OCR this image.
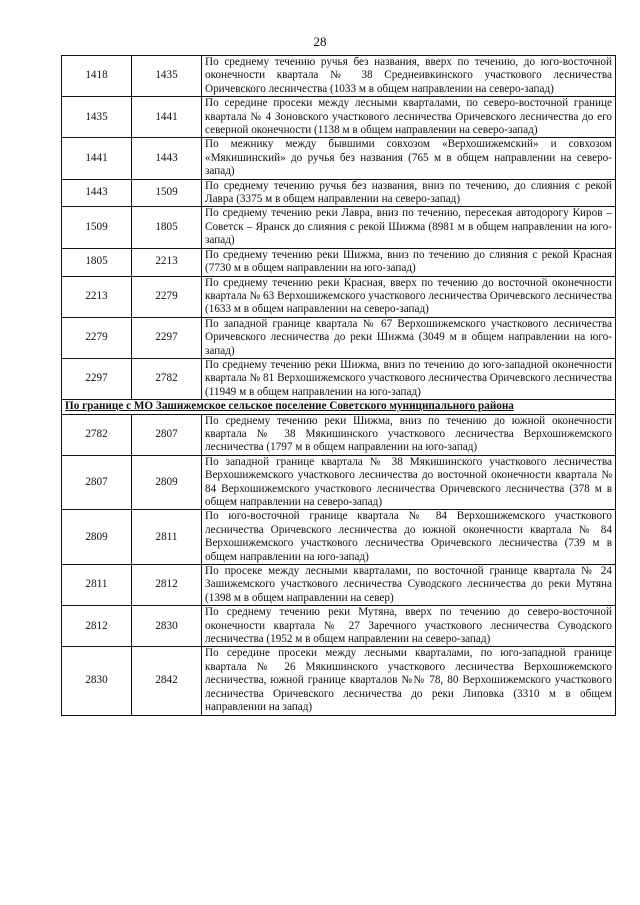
28
1418	1435	По среднему течению ручья без названия, вверх по течению, до юго-восточной оконечности квартала № 38 Среднеивкинского участкового лесничества Оричевского лесничества (1033 м в общем направлении на северо-запад)
1435	1441	По середине просеки между лесными кварталами, по северо-восточной границе квартала № 4 Зоновского участкового лесничества Оричевского лесничества до его северной оконечности (1138 м в общем направлении на северо-запад)
1441	1443	По межнику между бывшими совхозом «Верхошижемский» и совхозом «Мякишинский» до ручья без названия (765 м в общем направлении на северо-запад)
1443	1509	По среднему течению ручья без названия, вниз по течению, до слияния с рекой Лавра (3375 м в общем направлении на северо-запад)
1509	1805	По среднему течению реки Лавра, вниз по течению, пересекая автодорогу Киров – Советск – Яранск до слияния с рекой Шижма (8981 м в общем направлении на юго-запад)
1805	2213	По среднему течению реки Шижма, вниз по течению до слияния с рекой Красная (7730 м в общем направлении на юго-запад)
2213	2279	По среднему течению реки Красная, вверх по течению до восточной оконечности квартала № 63 Верхошижемского участкового лесничества Оричевского лесничества (1633 м в общем направлении на северо-запад)
2279	2297	По западной границе квартала № 67 Верхошижемского участкового лесничества Оричевского лесничества до реки Шижма (3049 м в общем направлении на юго-запад)
2297	2782	По среднему течению реки Шижма, вниз по течению до юго-западной оконечности квартала № 81 Верхошижемского участкового лесничества Оричевского лесничества (11949 м в общем направлении на юго-запад)
По границе с МО Зашижемское сельское поселение Советского муниципального района		
2782	2807	По среднему течению реки Шижма, вниз по течению до южной оконечности квартала № 38 Мякишинского участкового лесничества Верхошижемского лесничества (1797 м в общем направлении на юго-запад)
2807	2809	По западной границе квартала № 38 Мякишинского участкового лесничества Верхошижемского участкового лесничества до восточной оконечности квартала № 84 Верхошижемского участкового лесничества Оричевского лесничества (378 м в общем направлении на северо-запад)
2809	2811	По юго-восточной границе квартала № 84 Верхошижемского участкового лесничества Оричевского лесничества до южной оконечности квартала № 84 Верхошижемского участкового лесничества Оричевского лесничества (739 м в общем направлении на юго-запад)
2811	2812	По просеке между лесными кварталами, по восточной границе квартала № 24 Зашижемского участкового лесничества Суводского лесничества до реки Мутяна (1398 м в общем направлении на север)
2812	2830	По среднему течению реки Мутяна, вверх по течению до северо-восточной оконечности квартала № 27 Заречного участкового лесничества Суводского лесничества (1952 м в общем направлении на северо-запад)
2830	2842	По середине просеки между лесными кварталами, по юго-западной границе квартала № 26 Мякишинского участкового лесничества Верхошижемского лесничества, южной границе кварталов №№ 78, 80 Верхошижемского участкового лесничества Оричевского лесничества до реки Липовка (3310 м в общем направлении на запад)
